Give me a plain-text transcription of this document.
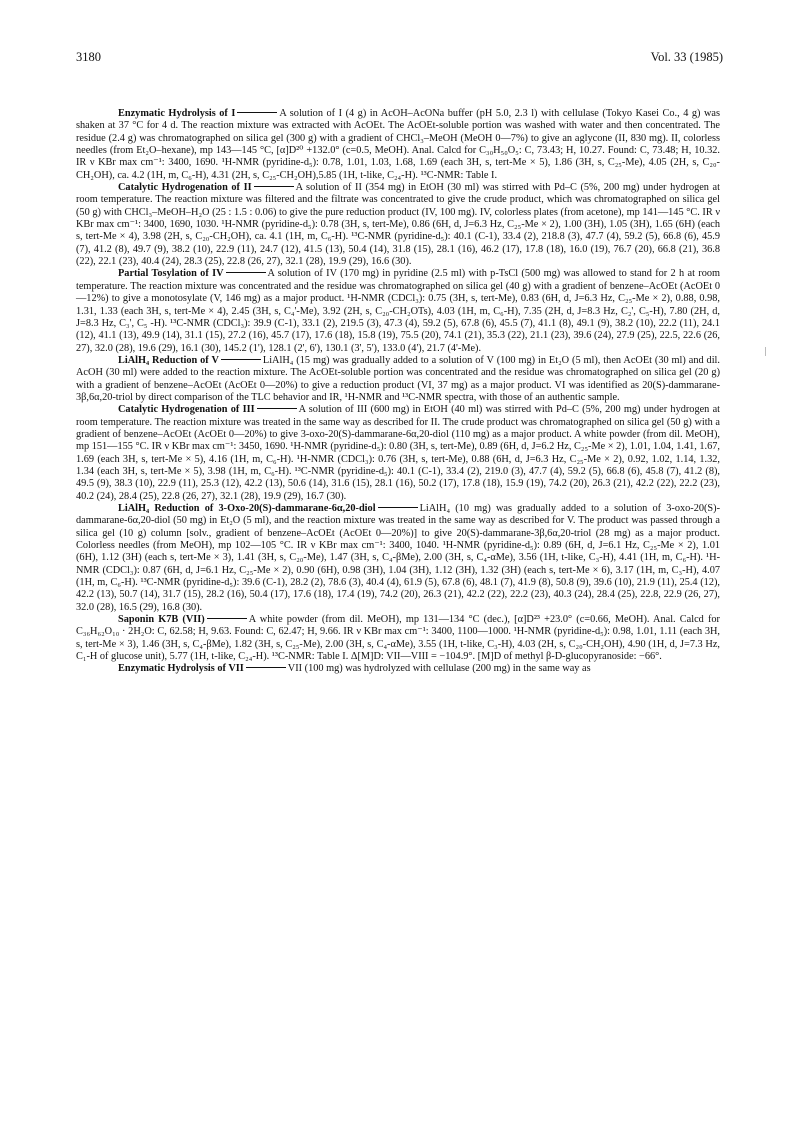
3180	Vol. 33 (1985)

Enzymatic Hydrolysis of I	A solution of I (4 g) in AcOH–AcONa buffer (pH 5.0, 2.3 l) with cellulase (Tokyo Kasei Co., 4 g) was shaken at 37 °C for 4 d. The reaction mixture was extracted with AcOEt. The AcOEt-soluble portion was washed with water and then concentrated. The residue (2.4 g) was chromatographed on silica gel (300 g) with a gradient of CHCl₃–MeOH (MeOH 0—7%) to give an aglycone (II, 830 mg). II, colorless needles (from Et₂O–hexane), mp 143—145 °C, [α]D²⁰ +132.0° (c=0.5, MeOH). Anal. Calcd for C₃₀H₅₀O₅: C, 73.43; H, 10.27. Found: C, 73.48; H, 10.32. IR ν KBr max cm⁻¹: 3400, 1690. ¹H-NMR (pyridine-d₅): 0.78, 1.01, 1.03, 1.68, 1.69 (each 3H, s, tert-Me × 5), 1.86 (3H, s, C₂₅-Me), 4.05 (2H, s, C₂₀-CH₂OH), ca. 4.2 (1H, m, C₆-H), 4.31 (2H, s, C₂₅-CH₂OH),5.85 (1H, t-like, C₂₄-H). ¹³C-NMR: Table I.

Catalytic Hydrogenation of II	A solution of II (354 mg) in EtOH (30 ml) was stirred with Pd–C (5%, 200 mg) under hydrogen at room temperature. The reaction mixture was filtered and the filtrate was concentrated to give the crude product, which was chromatographed on silica gel (50 g) with CHCl₃–MeOH–H₂O (25 : 1.5 : 0.06) to give the pure reduction product (IV, 100 mg). IV, colorless plates (from acetone), mp 141—145 °C. IR ν KBr max cm⁻¹: 3400, 1690, 1030. ¹H-NMR (pyridine-d₅): 0.78 (3H, s, tert-Me), 0.86 (6H, d, J=6.3 Hz, C₂₅-Me × 2), 1.00 (3H), 1.05 (3H), 1.65 (6H) (each s, tert-Me × 4), 3.98 (2H, s, C₂₀-CH₂OH), ca. 4.1 (1H, m, C₆-H). ¹³C-NMR (pyridine-d₅): 40.1 (C-1), 33.4 (2), 218.8 (3), 47.7 (4), 59.2 (5), 66.8 (6), 45.9 (7), 41.2 (8), 49.7 (9), 38.2 (10), 22.9 (11), 24.7 (12), 41.5 (13), 50.4 (14), 31.8 (15), 28.1 (16), 46.2 (17), 17.8 (18), 16.0 (19), 76.7 (20), 66.8 (21), 36.8 (22), 22.1 (23), 40.4 (24), 28.3 (25), 22.8 (26, 27), 32.1 (28), 19.9 (29), 16.6 (30).

Partial Tosylation of IV	A solution of IV (170 mg) in pyridine (2.5 ml) with p-TsCl (500 mg) was allowed to stand for 2 h at room temperature. The reaction mixture was concentrated and the residue was chromatographed on silica gel (40 g) with a gradient of benzene–AcOEt (AcOEt 0—12%) to give a monotosylate (V, 146 mg) as a major product. ¹H-NMR (CDCl₃): 0.75 (3H, s, tert-Me), 0.83 (6H, d, J=6.3 Hz, C₂₅-Me × 2), 0.88, 0.98, 1.31, 1.33 (each 3H, s, tert-Me × 4), 2.45 (3H, s, C₄'-Me), 3.92 (2H, s, C₂₀-CH₂OTs), 4.03 (1H, m, C₆-H), 7.35 (2H, d, J=8.3 Hz, C₂', C₅-H), 7.80 (2H, d, J=8.3 Hz, C₃', C₅ -H). ¹³C-NMR (CDCl₃): 39.9 (C-1), 33.1 (2), 219.5 (3), 47.3 (4), 59.2 (5), 67.8 (6), 45.5 (7), 41.1 (8), 49.1 (9), 38.2 (10), 22.2 (11), 24.1 (12), 41.1 (13), 49.9 (14), 31.1 (15), 27.2 (16), 45.7 (17), 17.6 (18), 15.8 (19), 75.5 (20), 74.1 (21), 35.3 (22), 21.1 (23), 39.6 (24), 27.9 (25), 22.5, 22.6 (26, 27), 32.0 (28), 19.6 (29), 16.1 (30), 145.2 (1'), 128.1 (2', 6'), 130.1 (3', 5'), 133.0 (4'), 21.7 (4'-Me).

LiAlH₄ Reduction of V	LiAlH₄ (15 mg) was gradually added to a solution of V (100 mg) in Et₂O (5 ml), then AcOEt (30 ml) and dil. AcOH (30 ml) were added to the reaction mixture. The AcOEt-soluble portion was concentrated and the residue was chromatographed on silica gel (20 g) with a gradient of benzene–AcOEt (AcOEt 0—20%) to give a reduction product (VI, 37 mg) as a major product. VI was identified as 20(S)-dammarane-3β,6α,20-triol by direct comparison of the TLC behavior and IR, ¹H-NMR and ¹³C-NMR spectra, with those of an authentic sample.

Catalytic Hydrogenation of III	A solution of III (600 mg) in EtOH (40 ml) was stirred with Pd–C (5%, 200 mg) under hydrogen at room temperature. The reaction mixture was treated in the same way as described for II. The crude product was chromatographed on silica gel (50 g) with a gradient of benzene–AcOEt (AcOEt 0—20%) to give 3-oxo-20(S)-dammarane-6α,20-diol (110 mg) as a major product. A white powder (from dil. MeOH), mp 151—155 °C. IR ν KBr max cm⁻¹: 3450, 1690. ¹H-NMR (pyridine-d₅): 0.80 (3H, s, tert-Me), 0.89 (6H, d, J=6.2 Hz, C₂₅-Me × 2), 1.01, 1.04, 1.41, 1.67, 1.69 (each 3H, s, tert-Me × 5), 4.16 (1H, m, C₆-H). ¹H-NMR (CDCl₃): 0.76 (3H, s, tert-Me), 0.88 (6H, d, J=6.3 Hz, C₂₅-Me × 2), 0.92, 1.02, 1.14, 1.32, 1.34 (each 3H, s, tert-Me × 5), 3.98 (1H, m, C₆-H). ¹³C-NMR (pyridine-d₅): 40.1 (C-1), 33.4 (2), 219.0 (3), 47.7 (4), 59.2 (5), 66.8 (6), 45.8 (7), 41.2 (8), 49.5 (9), 38.3 (10), 22.9 (11), 25.3 (12), 42.2 (13), 50.6 (14), 31.6 (15), 28.1 (16), 50.2 (17), 17.8 (18), 15.9 (19), 74.2 (20), 26.3 (21), 42.2 (22), 22.2 (23), 40.2 (24), 28.4 (25), 22.8 (26, 27), 32.1 (28), 19.9 (29), 16.7 (30).

LiAlH₄ Reduction of 3-Oxo-20(S)-dammarane-6α,20-diol	LiAlH₄ (10 mg) was gradually added to a solution of 3-oxo-20(S)-dammarane-6α,20-diol (50 mg) in Et₂O (5 ml), and the reaction mixture was treated in the same way as described for V. The product was passed through a silica gel (10 g) column [solv., gradient of benzene–AcOEt (AcOEt 0—20%)] to give 20(S)-dammarane-3β,6α,20-triol (28 mg) as a major product. Colorless needles (from MeOH), mp 102—105 °C. IR ν KBr max cm⁻¹: 3400, 1040. ¹H-NMR (pyridine-d₅): 0.89 (6H, d, J=6.1 Hz, C₂₅-Me × 2), 1.01 (6H), 1.12 (3H) (each s, tert-Me × 3), 1.41 (3H, s, C₂₀-Me), 1.47 (3H, s, C₄-βMe), 2.00 (3H, s, C₄-αMe), 3.56 (1H, t-like, C₃-H), 4.41 (1H, m, C₆-H). ¹H-NMR (CDCl₃): 0.87 (6H, d, J=6.1 Hz, C₂₅-Me × 2), 0.90 (6H), 0.98 (3H), 1.04 (3H), 1.12 (3H), 1.32 (3H) (each s, tert-Me × 6), 3.17 (1H, m, C₃-H), 4.07 (1H, m, C₆-H). ¹³C-NMR (pyridine-d₅): 39.6 (C-1), 28.2 (2), 78.6 (3), 40.4 (4), 61.9 (5), 67.8 (6), 48.1 (7), 41.9 (8), 50.8 (9), 39.6 (10), 21.9 (11), 25.4 (12), 42.2 (13), 50.7 (14), 31.7 (15), 28.2 (16), 50.4 (17), 17.6 (18), 17.4 (19), 74.2 (20), 26.3 (21), 42.2 (22), 22.2 (23), 40.3 (24), 28.4 (25), 22.8, 22.9 (26, 27), 32.0 (28), 16.5 (29), 16.8 (30).

Saponin K7B (VII)	A white powder (from dil. MeOH), mp 131—134 °C (dec.), [α]D²³ +23.0° (c=0.66, MeOH). Anal. Calcd for C₃₆H₆₂O₁₀ · 2H₂O: C, 62.58; H, 9.63. Found: C, 62.47; H, 9.66. IR ν KBr max cm⁻¹: 3400, 1100—1000. ¹H-NMR (pyridine-d₅): 0.98, 1.01, 1.11 (each 3H, s, tert-Me × 3), 1.46 (3H, s, C₄-βMe), 1.82 (3H, s, C₂₅-Me), 2.00 (3H, s, C₄-αMe), 3.55 (1H, t-like, C₃-H), 4.03 (2H, s, C₂₀-CH₂OH), 4.90 (1H, d, J=7.3 Hz, C₁-H of glucose unit), 5.77 (1H, t-like, C₂₄-H). ¹³C-NMR: Table I. Δ[M]D: VII—VIII = −104.9°. [M]D of methyl β-D-glucopyranoside: −66°.

Enzymatic Hydrolysis of VII	VII (100 mg) was hydrolyzed with cellulase (200 mg) in the same way as
